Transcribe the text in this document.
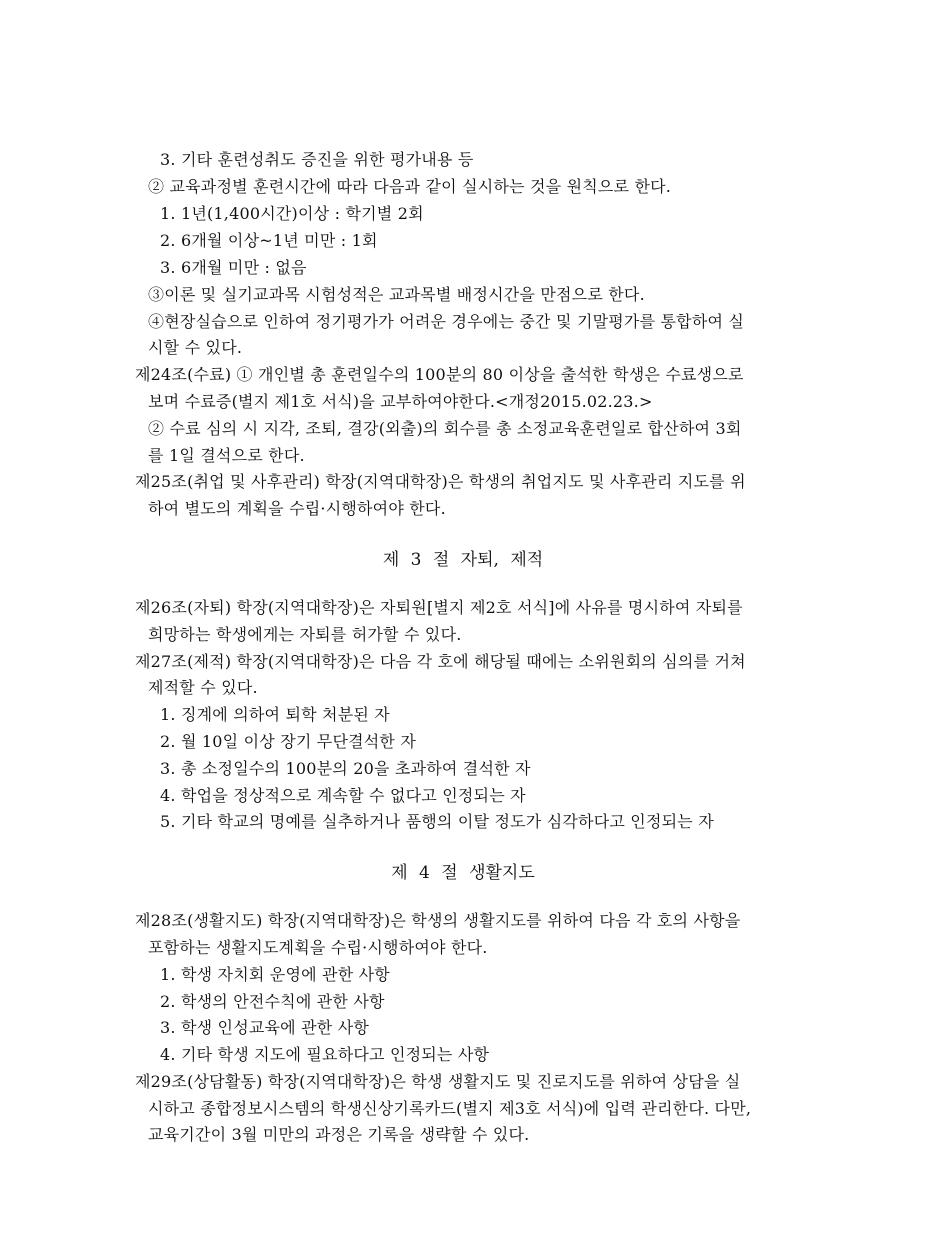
3. 기타 훈련성취도 증진을 위한 평가내용 등
② 교육과정별 훈련시간에 따라 다음과 같이 실시하는 것을 원칙으로 한다.
1. 1년(1,400시간)이상 : 학기별 2회
2. 6개월 이상~1년 미만 : 1회
3. 6개월 미만 : 없음
③이론 및 실기교과목 시험성적은 교과목별 배정시간을 만점으로 한다.
④현장실습으로 인하여 정기평가가 어려운 경우에는 중간 및 기말평가를 통합하여 실
시할 수 있다.
제24조(수료) ① 개인별 총 훈련일수의 100분의 80 이상을 출석한 학생은 수료생으로
보며 수료증(별지 제1호 서식)을 교부하여야한다.<개정2015.02.23.>
② 수료 심의 시 지각, 조퇴, 결강(외출)의 회수를 총 소정교육훈련일로 합산하여 3회
를 1일 결석으로 한다.
제25조(취업 및 사후관리) 학장(지역대학장)은 학생의 취업지도 및 사후관리 지도를 위
하여 별도의 계획을 수립·시행하여야 한다.
제 3 절 자퇴, 제적
제26조(자퇴) 학장(지역대학장)은 자퇴원[별지 제2호 서식]에 사유를 명시하여 자퇴를
희망하는 학생에게는 자퇴를 허가할 수 있다.
제27조(제적) 학장(지역대학장)은 다음 각 호에 해당될 때에는 소위원회의 심의를 거쳐
제적할 수 있다.
1. 징계에 의하여 퇴학 처분된 자
2. 월 10일 이상 장기 무단결석한 자
3. 총 소정일수의 100분의 20을 초과하여 결석한 자
4. 학업을 정상적으로 계속할 수 없다고 인정되는 자
5. 기타 학교의 명예를 실추하거나 품행의 이탈 정도가 심각하다고 인정되는 자
제 4 절 생활지도
제28조(생활지도) 학장(지역대학장)은 학생의 생활지도를 위하여 다음 각 호의 사항을
포함하는 생활지도계획을 수립·시행하여야 한다.
1. 학생 자치회 운영에 관한 사항
2. 학생의 안전수칙에 관한 사항
3. 학생 인성교육에 관한 사항
4. 기타 학생 지도에 필요하다고 인정되는 사항
제29조(상담활동) 학장(지역대학장)은 학생 생활지도 및 진로지도를 위하여 상담을 실
시하고 종합정보시스템의 학생신상기록카드(별지 제3호 서식)에 입력 관리한다. 다만,
교육기간이 3월 미만의 과정은 기록을 생략할 수 있다.
